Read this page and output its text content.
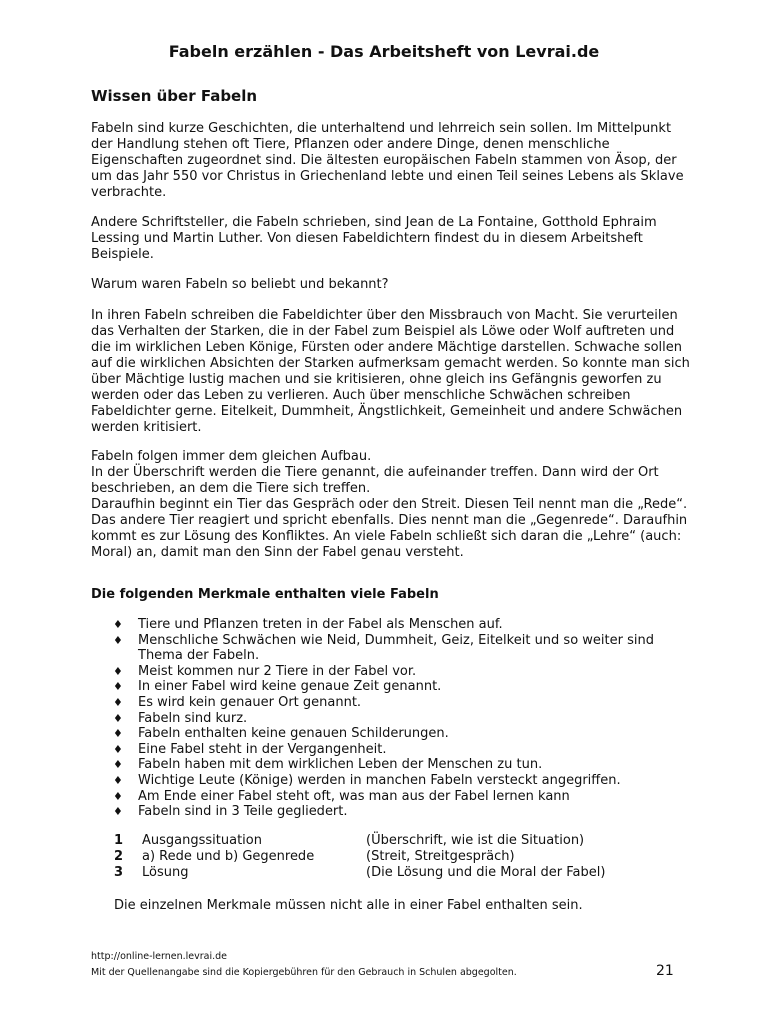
Fabeln erzählen - Das Arbeitsheft von Levrai.de
Wissen über Fabeln

Fabeln sind kurze Geschichten, die unterhaltend und lehrreich sein sollen. Im Mittelpunkt der Handlung stehen oft Tiere, Pflanzen oder andere Dinge, denen menschliche Eigenschaften zugeordnet sind. Die ältesten europäischen Fabeln stammen von Äsop, der um das Jahr 550 vor Christus in Griechenland lebte und einen Teil seines Lebens als Sklave verbrachte.

Andere Schriftsteller, die Fabeln schrieben, sind Jean de La Fontaine, Gotthold Ephraim Lessing und Martin Luther. Von diesen Fabeldichtern findest du in diesem Arbeitsheft Beispiele.

Warum waren Fabeln so beliebt und bekannt?

In ihren Fabeln schreiben die Fabeldichter über den Missbrauch von Macht. Sie verurteilen das Verhalten der Starken, die in der Fabel zum Beispiel als Löwe oder Wolf auftreten und die im wirklichen Leben Könige, Fürsten oder andere Mächtige darstellen. Schwache sollen auf die wirklichen Absichten der Starken aufmerksam gemacht werden. So konnte man sich über Mächtige lustig machen und sie kritisieren, ohne gleich ins Gefängnis geworfen zu werden oder das Leben zu verlieren. Auch über menschliche Schwächen schreiben Fabeldichter gerne. Eitelkeit, Dummheit, Ängstlichkeit, Gemeinheit und andere Schwächen werden kritisiert.

Fabeln folgen immer dem gleichen Aufbau.
In der Überschrift werden die Tiere genannt, die aufeinander treffen. Dann wird der Ort beschrieben, an dem die Tiere sich treffen.
Daraufhin beginnt ein Tier das Gespräch oder den Streit. Diesen Teil nennt man die „Rede“. Das andere Tier reagiert und spricht ebenfalls. Dies nennt man die „Gegenrede“. Daraufhin kommt es zur Lösung des Konfliktes. An viele Fabeln schließt sich daran die „Lehre“ (auch: Moral) an, damit man den Sinn der Fabel genau versteht.

Die folgenden Merkmale enthalten viele Fabeln
♦ Tiere und Pflanzen treten in der Fabel als Menschen auf.
♦ Menschliche Schwächen wie Neid, Dummheit, Geiz, Eitelkeit und so weiter sind Thema der Fabeln.
♦ Meist kommen nur 2 Tiere in der Fabel vor.
♦ In einer Fabel wird keine genaue Zeit genannt.
♦ Es wird kein genauer Ort genannt.
♦ Fabeln sind kurz.
♦ Fabeln enthalten keine genauen Schilderungen.
♦ Eine Fabel steht in der Vergangenheit.
♦ Fabeln haben mit dem wirklichen Leben der Menschen zu tun.
♦ Wichtige Leute (Könige) werden in manchen Fabeln versteckt angegriffen.
♦ Am Ende einer Fabel steht oft, was man aus der Fabel lernen kann
♦ Fabeln sind in 3 Teile gegliedert.
1	Ausgangssituation	(Überschrift, wie ist die Situation)
2	a) Rede und b) Gegenrede	(Streit, Streitgespräch)
3	Lösung	(Die Lösung und die Moral der Fabel)
Die einzelnen Merkmale müssen nicht alle in einer Fabel enthalten sein.
http://online-lernen.levrai.de
Mit der Quellenangabe sind die Kopiergebühren für den Gebrauch in Schulen abgegolten.	21
